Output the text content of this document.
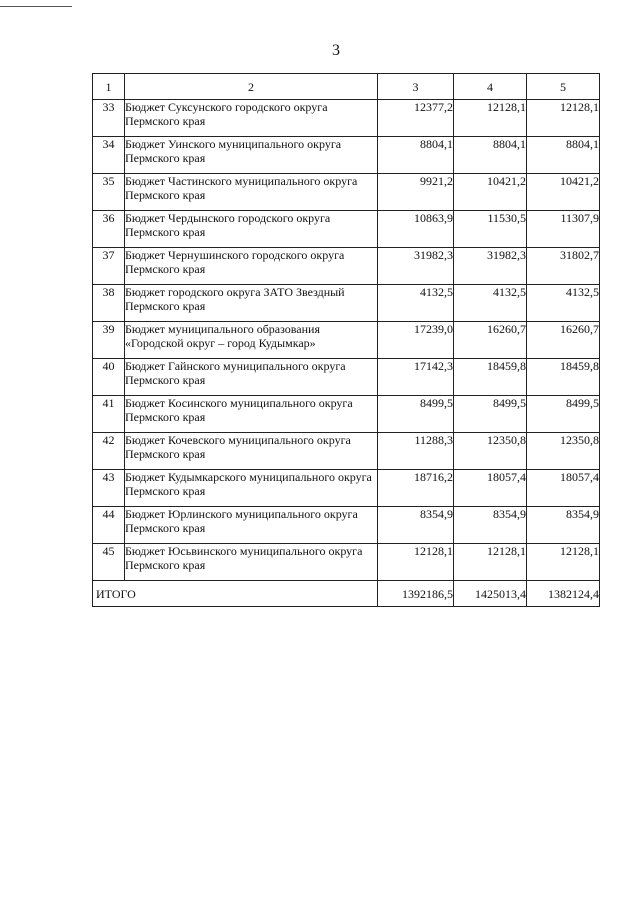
3
1	2	3	4	5
33	Бюджет Суксунского городского округа Пермского края	12377,2	12128,1	12128,1
34	Бюджет Уинского муниципального округа Пермского края	8804,1	8804,1	8804,1
35	Бюджет Частинского муниципального округа Пермского края	9921,2	10421,2	10421,2
36	Бюджет Чердынского городского округа Пермского края	10863,9	11530,5	11307,9
37	Бюджет Чернушинского городского округа Пермского края	31982,3	31982,3	31802,7
38	Бюджет городского округа ЗАТО Звездный Пермского края	4132,5	4132,5	4132,5
39	Бюджет муниципального образования «Городской округ – город Кудымкар»	17239,0	16260,7	16260,7
40	Бюджет Гайнского муниципального округа Пермского края	17142,3	18459,8	18459,8
41	Бюджет Косинского муниципального округа Пермского края	8499,5	8499,5	8499,5
42	Бюджет Кочевского муниципального округа Пермского края	11288,3	12350,8	12350,8
43	Бюджет Кудымкарского муниципального округа Пермского края	18716,2	18057,4	18057,4
44	Бюджет Юрлинского муниципального округа Пермского края	8354,9	8354,9	8354,9
45	Бюджет Юсьвинского муниципального округа Пермского края	12128,1	12128,1	12128,1
ИТОГО		1392186,5	1425013,4	1382124,4
